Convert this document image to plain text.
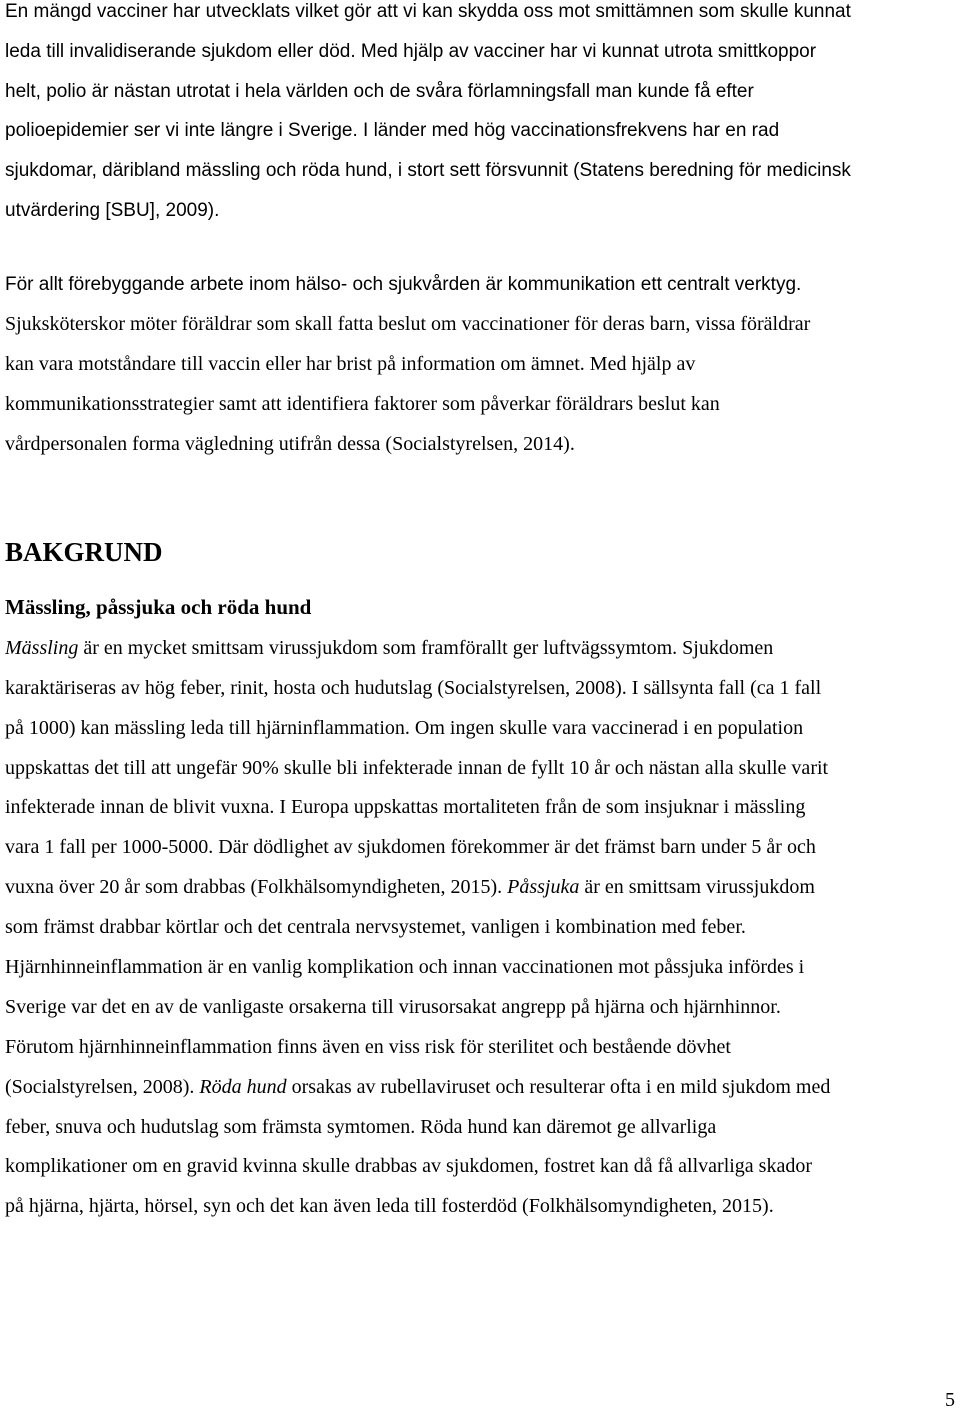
En mängd vacciner har utvecklats vilket gör att vi kan skydda oss mot smittämnen som skulle kunnat
leda till invalidiserande sjukdom eller död. Med hjälp av vacciner har vi kunnat utrota smittkoppor
helt, polio är nästan utrotat i hela världen och de svåra förlamningsfall man kunde få efter
polioepidemier ser vi inte längre i Sverige. I länder med hög vaccinationsfrekvens har en rad
sjukdomar, däribland mässling och röda hund, i stort sett försvunnit (Statens beredning för medicinsk
utvärdering [SBU], 2009).
För allt förebyggande arbete inom hälso- och sjukvården är kommunikation ett centralt verktyg.
Sjuksköterskor möter föräldrar som skall fatta beslut om vaccinationer för deras barn, vissa föräldrar
kan vara motståndare till vaccin eller har brist på information om ämnet. Med hjälp av
kommunikationsstrategier samt att identifiera faktorer som påverkar föräldrars beslut kan
vårdpersonalen forma vägledning utifrån dessa (Socialstyrelsen, 2014).
BAKGRUND
Mässling, påssjuka och röda hund
Mässling är en mycket smittsam virussjukdom som framförallt ger luftvägssymtom. Sjukdomen
karaktäriseras av hög feber, rinit, hosta och hudutslag (Socialstyrelsen, 2008). I sällsynta fall (ca 1 fall
på 1000) kan mässling leda till hjärninflammation. Om ingen skulle vara vaccinerad i en population
uppskattas det till att ungefär 90% skulle bli infekterade innan de fyllt 10 år och nästan alla skulle varit
infekterade innan de blivit vuxna. I Europa uppskattas mortaliteten från de som insjuknar i mässling
vara 1 fall per 1000-5000. Där dödlighet av sjukdomen förekommer är det främst barn under 5 år och
vuxna över 20 år som drabbas (Folkhälsomyndigheten, 2015). Påssjuka är en smittsam virussjukdom
som främst drabbar körtlar och det centrala nervsystemet, vanligen i kombination med feber.
Hjärnhinneinflammation är en vanlig komplikation och innan vaccinationen mot påssjuka infördes i
Sverige var det en av de vanligaste orsakerna till virusorsakat angrepp på hjärna och hjärnhinnor.
Förutom hjärnhinneinflammation finns även en viss risk för sterilitet och bestående dövhet
(Socialstyrelsen, 2008). Röda hund orsakas av rubellaviruset och resulterar ofta i en mild sjukdom med
feber, snuva och hudutslag som främsta symtomen. Röda hund kan däremot ge allvarliga
komplikationer om en gravid kvinna skulle drabbas av sjukdomen, fostret kan då få allvarliga skador
på hjärna, hjärta, hörsel, syn och det kan även leda till fosterdöd (Folkhälsomyndigheten, 2015).
5
